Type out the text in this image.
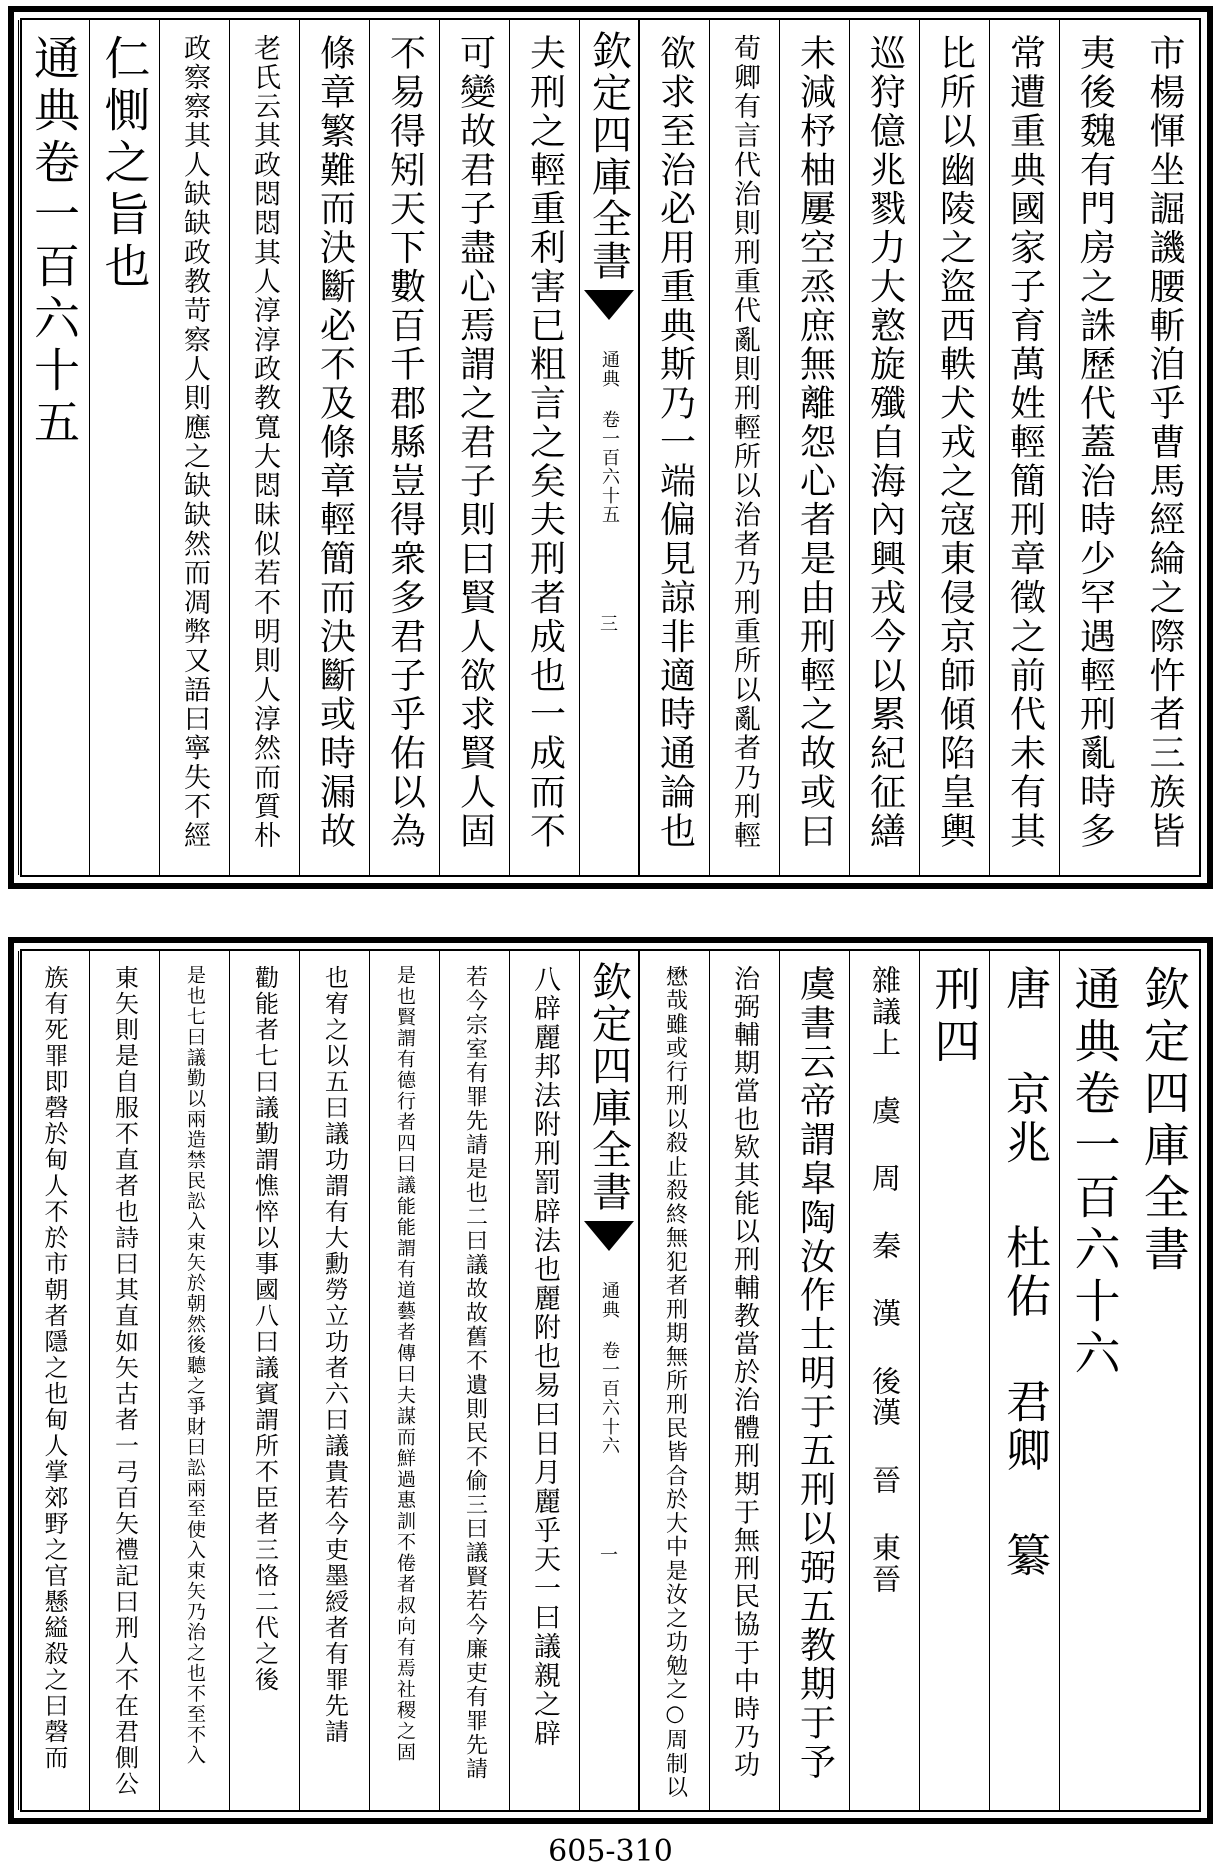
市楊惲坐誳譏腰斬洎乎曹馬經綸之際忤者三族皆
夷後魏有門房之誅歷代蓋治時少罕遇輕刑亂時多
常遭重典國家子育萬姓輕簡刑章徵之前代未有其
比所以幽陵之盜西軼犬戎之寇東侵京師傾陷皇輿
巡狩億兆戮力大憝旋殲自海內興戎今以累紀征繕
未減杼柚屢空烝庶無離怨心者是由刑輕之故或曰
荀卿有言代治則刑重代亂則刑輕所以治者乃刑重所以亂者乃刑輕
欲求至治必用重典斯乃一端偏見諒非適時通論也
欽定四庫全書
通典 卷一百六十五
三
夫刑之輕重利害已粗言之矣夫刑者成也一成而不
可變故君子盡心焉謂之君子則曰賢人欲求賢人固
不易得矧天下數百千郡縣豈得衆多君子乎佑以為
條章繁難而決斷必不及條章輕簡而決斷或時漏故
老氏云其政悶悶其人淳淳政教寬大悶昧似若不明則人淳然而質朴
政察察其人缺缺政教苛察人則應之缺缺然而凋弊又語曰寧失不經
仁惻之旨也
通典卷一百六十五
欽定四庫全書
通典卷一百六十六
唐 京兆 杜佑 君卿 纂
刑四
雜議上 虞 周 秦 漢 後漢 晉 東晉
虞書云帝謂皐陶汝作士明于五刑以弼五教期于予
治弼輔期當也欵其能以刑輔教當於治體刑期于無刑民協于中時乃功
懋哉雖或行刑以殺止殺終無犯者刑期無所刑民皆合於大中是汝之功勉之○周制以
欽定四庫全書
通典 卷一百六十六
一
八辟麗邦法附刑罰辟法也麗附也易曰日月麗乎天一曰議親之辟
若今宗室有罪先請是也二曰議故故舊不遺則民不偷三曰議賢若今廉吏有罪先請
是也賢謂有德行者四曰議能能謂有道藝者傳曰夫謀而鮮過惠訓不倦者叔向有焉社稷之固
也宥之以五曰議功謂有大勳勞立功者六曰議貴若今吏墨綬者有罪先請
勸能者七曰議勤謂憔悴以事國八曰議賓謂所不臣者三恪二代之後
是也七曰議勤以兩造禁民訟入束矢於朝然後聽之爭財曰訟兩至使入束矢乃治之也不至不入
東矢則是自服不直者也詩曰其直如矢古者一弓百矢禮記曰刑人不在君側公
族有死罪即磬於甸人不於市朝者隱之也甸人掌郊野之官懸縊殺之曰磬而
605-310
